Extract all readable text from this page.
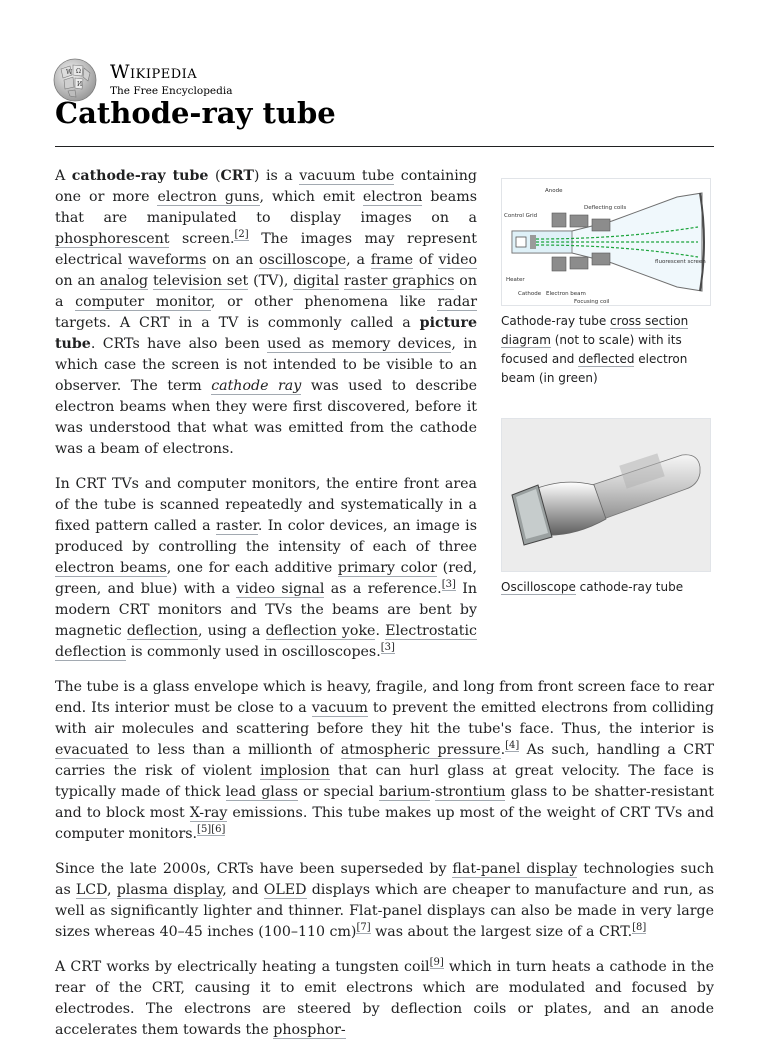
W Ω
И
Wikipedia
The Free Encyclopedia
Cathode-ray tube
Anode
Deflecting coils
Control Grid
fluorescent screen
Heater
Cathode Electron beam
Focusing coil
Cathode-ray tube cross section diagram (not to scale) with its focused and deflected electron beam (in green)
Oscilloscope cathode-ray tube

A cathode-ray tube (CRT) is a vacuum tube containing one or more electron guns, which emit electron beams that are manipulated to display images on a phosphorescent screen.[2] The images may represent electrical waveforms on an oscilloscope, a frame of video on an analog television set (TV), digital raster graphics on a computer monitor, or other phenomena like radar targets. A CRT in a TV is commonly called a picture tube. CRTs have also been used as memory devices, in which case the screen is not intended to be visible to an observer. The term cathode ray was used to describe electron beams when they were first discovered, before it was understood that what was emitted from the cathode was a beam of electrons.

In CRT TVs and computer monitors, the entire front area of the tube is scanned repeatedly and systematically in a fixed pattern called a raster. In color devices, an image is produced by controlling the intensity of each of three electron beams, one for each additive primary color (red, green, and blue) with a video signal as a reference.[3] In modern CRT monitors and TVs the beams are bent by magnetic deflection, using a deflection yoke. Electrostatic deflection is commonly used in oscilloscopes.[3]

The tube is a glass envelope which is heavy, fragile, and long from front screen face to rear end. Its interior must be close to a vacuum to prevent the emitted electrons from colliding with air molecules and scattering before they hit the tube's face. Thus, the interior is evacuated to less than a millionth of atmospheric pressure.[4] As such, handling a CRT carries the risk of violent implosion that can hurl glass at great velocity. The face is typically made of thick lead glass or special barium-strontium glass to be shatter-resistant and to block most X-ray emissions. This tube makes up most of the weight of CRT TVs and computer monitors.[5][6]

Since the late 2000s, CRTs have been superseded by flat-panel display technologies such as LCD, plasma display, and OLED displays which are cheaper to manufacture and run, as well as significantly lighter and thinner. Flat-panel displays can also be made in very large sizes whereas 40–45 inches (100–110 cm)[7] was about the largest size of a CRT.[8]

A CRT works by electrically heating a tungsten coil[9] which in turn heats a cathode in the rear of the CRT, causing it to emit electrons which are modulated and focused by electrodes. The electrons are steered by deflection coils or plates, and an anode accelerates them towards the phosphor-
